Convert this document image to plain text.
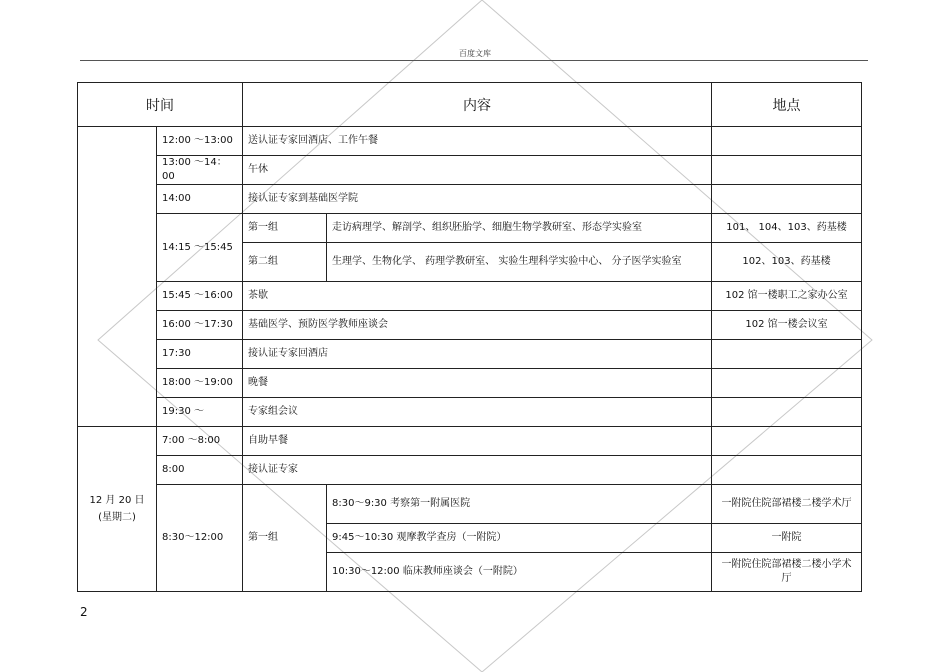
百度文库
时间		内容		地点
	12:00 ～13:00	送认证专家回酒店、工作午餐		
	13:00 ～14：00	午休		
	14:00	接认证专家到基础医学院		
	14:15 ～15:45	第一组	走访病理学、解剖学、组织胚胎学、细胞生物学教研室、形态学实验室	101、 104、103、药基楼
		第二组	生理学、生物化学、 药理学教研室、 实验生理科学实验中心、 分子医学实验室	102、103、药基楼
	15:45 ～16:00	茶歇		102 馆一楼职工之家办公室
	16:00 ～17:30	基础医学、预防医学教师座谈会		102 馆一楼会议室
	17:30	接认证专家回酒店		
	18:00 ～19:00	晚餐		
	19:30 ～	专家组会议		
12 月 20 日
(星期二)	7:00 ～8:00	自助早餐		
	8:00	接认证专家		
	8:30～12:00	第一组	8:30～9:30 考察第一附属医院	一附院住院部裙楼二楼学术厅
			9:45～10:30 观摩教学查房（一附院）	一附院
			10:30～12:00 临床教师座谈会（一附院）	一附院住院部裙楼二楼小学术厅
2
